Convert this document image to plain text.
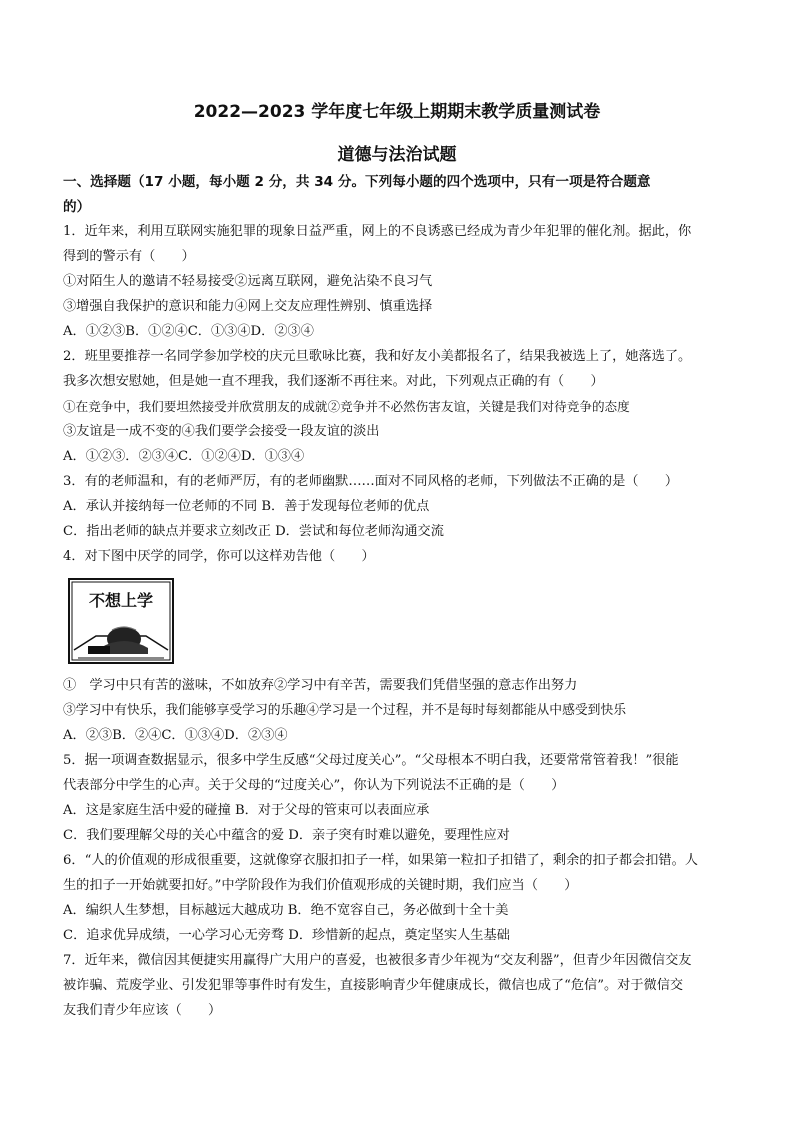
2022—2023 学年度七年级上期期末教学质量测试卷
道德与法治试题
一、选择题（17 小题，每小题 2 分，共 34 分。下列每小题的四个选项中，只有一项是符合题意
的）
1．近年来，利用互联网实施犯罪的现象日益严重，网上的不良诱惑已经成为青少年犯罪的催化剂。据此，你
得到的警示有（　　）
①对陌生人的邀请不轻易接受②远离互联网，避免沾染不良习气
③增强自我保护的意识和能力④网上交友应理性辨别、慎重选择
A．①②③B．①②④C．①③④D．②③④
2．班里要推荐一名同学参加学校的庆元旦歌咏比赛，我和好友小美都报名了，结果我被选上了，她落选了。
我多次想安慰她，但是她一直不理我，我们逐渐不再往来。对此，下列观点正确的有（　　）
①在竞争中，我们要坦然接受并欣赏朋友的成就②竞争并不必然伤害友谊，关键是我们对待竞争的态度
③友谊是一成不变的④我们要学会接受一段友谊的淡出
A．①②③．②③④C．①②④D．①③④
3．有的老师温和，有的老师严厉，有的老师幽默……面对不同风格的老师，下列做法不正确的是（　　）
A．承认并接纳每一位老师的不同 B．善于发现每位老师的优点
C．指出老师的缺点并要求立刻改正 D．尝试和每位老师沟通交流
4．对下图中厌学的同学，你可以这样劝告他（　　）
不想上学
①　学习中只有苦的滋味，不如放弃②学习中有辛苦，需要我们凭借坚强的意志作出努力
③学习中有快乐，我们能够享受学习的乐趣④学习是一个过程，并不是每时每刻都能从中感受到快乐
A．②③B．②④C．①③④D．②③④
5．据一项调查数据显示，很多中学生反感“父母过度关心”。“父母根本不明白我，还要常常管着我！”很能
代表部分中学生的心声。关于父母的“过度关心”，你认为下列说法不正确的是（　　）
A．这是家庭生活中爱的碰撞 B．对于父母的管束可以表面应承
C．我们要理解父母的关心中蕴含的爱 D．亲子突有时难以避免，要理性应对
6．“人的价值观的形成很重要，这就像穿衣服扣扣子一样，如果第一粒扣子扣错了，剩余的扣子都会扣错。人
生的扣子一开始就要扣好。”中学阶段作为我们价值观形成的关键时期，我们应当（　　）
A．编织人生梦想，目标越远大越成功 B．绝不宽容自己，务必做到十全十美
C．追求优异成绩，一心学习心无旁骛 D．珍惜新的起点，奠定坚实人生基础
7．近年来，微信因其便捷实用赢得广大用户的喜爱，也被很多青少年视为“交友利器”，但青少年因微信交友
被诈骗、荒废学业、引发犯罪等事件时有发生，直接影响青少年健康成长，微信也成了“危信”。对于微信交
友我们青少年应该（　　）
